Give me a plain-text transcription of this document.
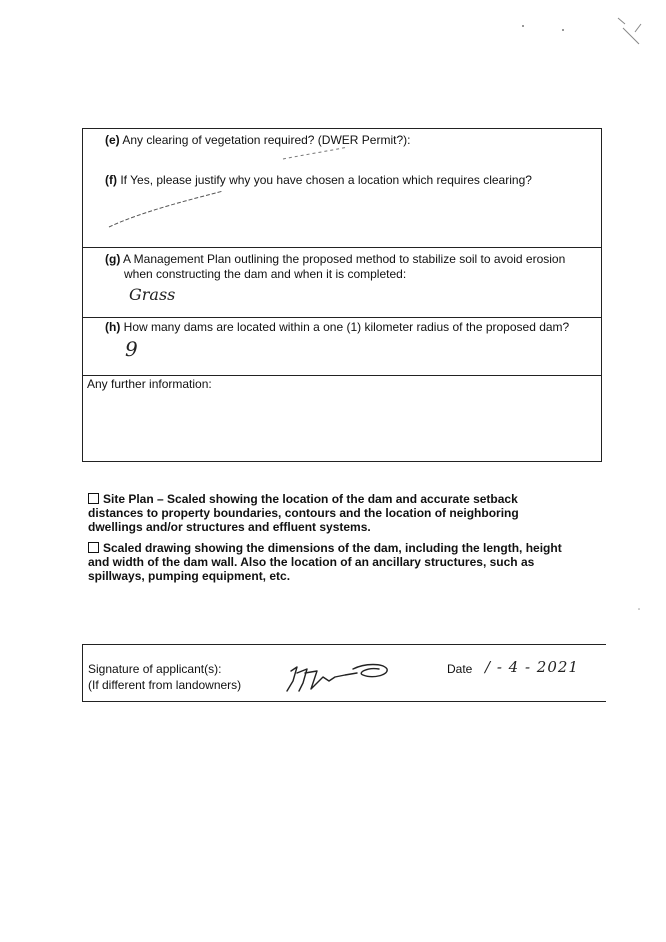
(e) Any clearing of vegetation required? (DWER Permit?):
(f) If Yes, please justify why you have chosen a location which requires clearing?
(g) A Management Plan outlining the proposed method to stabilize soil to avoid erosion
when constructing the dam and when it is completed:
Grass
(h) How many dams are located within a one (1) kilometer radius of the proposed dam?
9
Any further information:
Site Plan – Scaled showing the location of the dam and accurate setback
distances to property boundaries, contours and the location of neighboring
dwellings and/or structures and effluent systems.
Scaled drawing showing the dimensions of the dam, including the length, height
and width of the dam wall. Also the location of an ancillary structures, such as
spillways, pumping equipment, etc.
Signature of applicant(s):
(If different from landowners)
Date / - 4 - 2021
